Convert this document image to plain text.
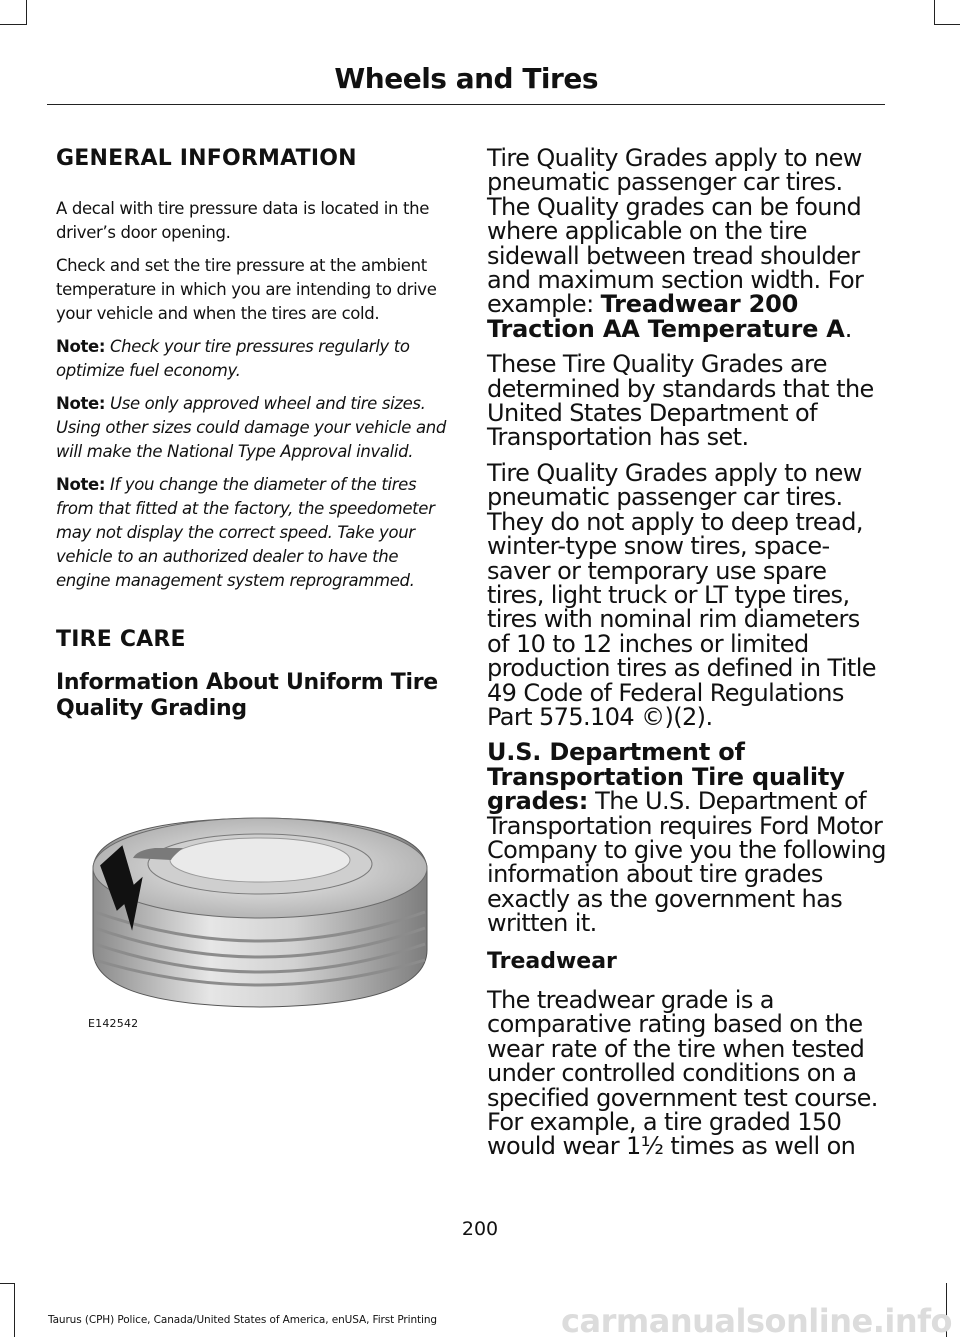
Wheels and Tires
GENERAL INFORMATION

A decal with tire pressure data is located in the driver’s door opening.

Check and set the tire pressure at the ambient temperature in which you are intending to drive your vehicle and when the tires are cold.

Note: Check your tire pressures regularly to optimize fuel economy.

Note: Use only approved wheel and tire sizes. Using other sizes could damage your vehicle and will make the National Type Approval invalid.

Note: If you change the diameter of the tires from that fitted at the factory, the speedometer may not display the correct speed. Take your vehicle to an authorized dealer to have the engine management system reprogrammed.

TIRE CARE

Information About Uniform Tire Quality Grading

E142542

Tire Quality Grades apply to new pneumatic passenger car tires. The Quality grades can be found where applicable on the tire sidewall between tread shoulder and maximum section width. For example: Treadwear 200 Traction AA Temperature A.

These Tire Quality Grades are determined by standards that the United States Department of Transportation has set.

Tire Quality Grades apply to new pneumatic passenger car tires. They do not apply to deep tread, winter-type snow tires, space-saver or temporary use spare tires, light truck or LT type tires, tires with nominal rim diameters of 10 to 12 inches or limited production tires as defined in Title 49 Code of Federal Regulations Part 575.104 ©)(2).

U.S. Department of Transportation Tire quality grades: The U.S. Department of Transportation requires Ford Motor Company to give you the following information about tire grades exactly as the government has written it.

Treadwear

The treadwear grade is a comparative rating based on the wear rate of the tire when tested under controlled conditions on a specified government test course. For example, a tire graded 150 would wear 1½ times as well on

200
Taurus (CPH) Police, Canada/United States of America, enUSA, First Printing	carmanualsonline.info
